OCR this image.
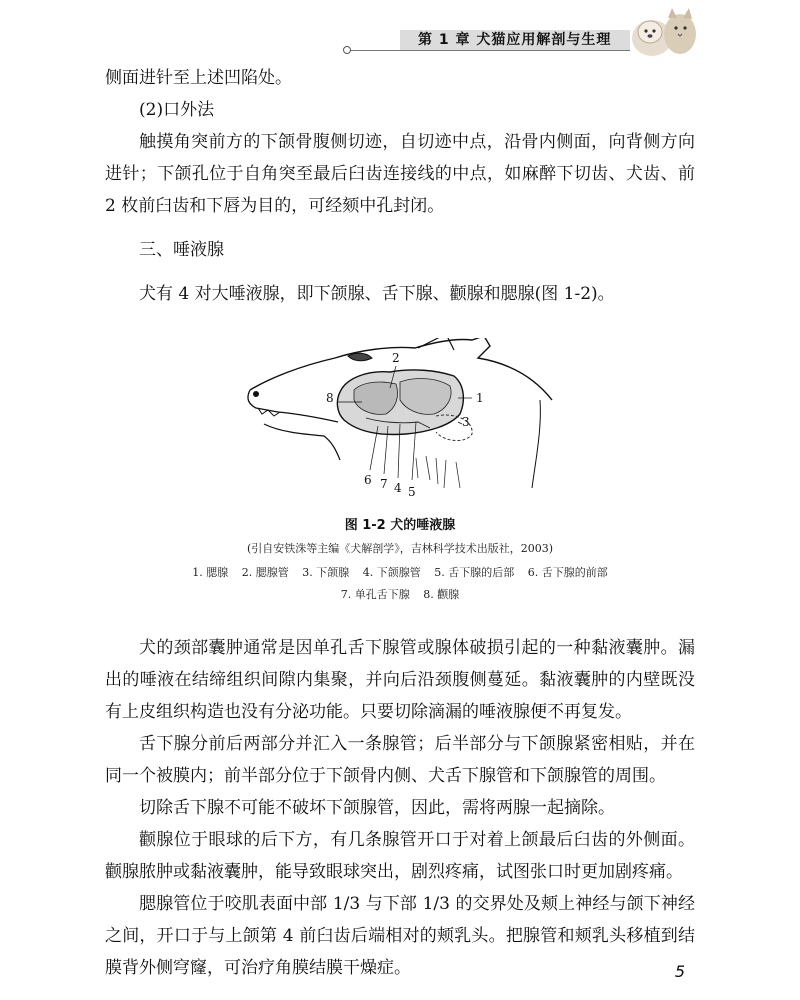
第 1 章 犬猫应用解剖与生理

侧面进针至上述凹陷处。

(2)口外法

触摸角突前方的下颌骨腹侧切迹，自切迹中点，沿骨内侧面，向背侧方向进针；下颌孔位于自角突至最后臼齿连接线的中点，如麻醉下切齿、犬齿、前 2 枚前臼齿和下唇为目的，可经颏中孔封闭。

三、唾液腺

犬有 4 对大唾液腺，即下颌腺、舌下腺、颧腺和腮腺(图 1-2)。

1
2
3
4 5
6 7
8
图 1-2 犬的唾液腺
(引自安铁洙等主编《犬解剖学》，吉林科学技术出版社，2003)
1. 腮腺 2. 腮腺管 3. 下颌腺 4. 下颌腺管 5. 舌下腺的后部 6. 舌下腺的前部
7. 单孔舌下腺 8. 颧腺

犬的颈部囊肿通常是因单孔舌下腺管或腺体破损引起的一种黏液囊肿。漏出的唾液在结缔组织间隙内集聚，并向后沿颈腹侧蔓延。黏液囊肿的内壁既没有上皮组织构造也没有分泌功能。只要切除滴漏的唾液腺便不再复发。

舌下腺分前后两部分并汇入一条腺管；后半部分与下颌腺紧密相贴，并在同一个被膜内；前半部分位于下颌骨内侧、犬舌下腺管和下颌腺管的周围。

切除舌下腺不可能不破坏下颌腺管，因此，需将两腺一起摘除。

颧腺位于眼球的后下方，有几条腺管开口于对着上颌最后臼齿的外侧面。颧腺脓肿或黏液囊肿，能导致眼球突出，剧烈疼痛，试图张口时更加剧疼痛。

腮腺管位于咬肌表面中部 1/3 与下部 1/3 的交界处及颊上神经与颌下神经之间，开口于与上颌第 4 前臼齿后端相对的颊乳头。把腺管和颊乳头移植到结膜背外侧穹窿，可治疗角膜结膜干燥症。	5
